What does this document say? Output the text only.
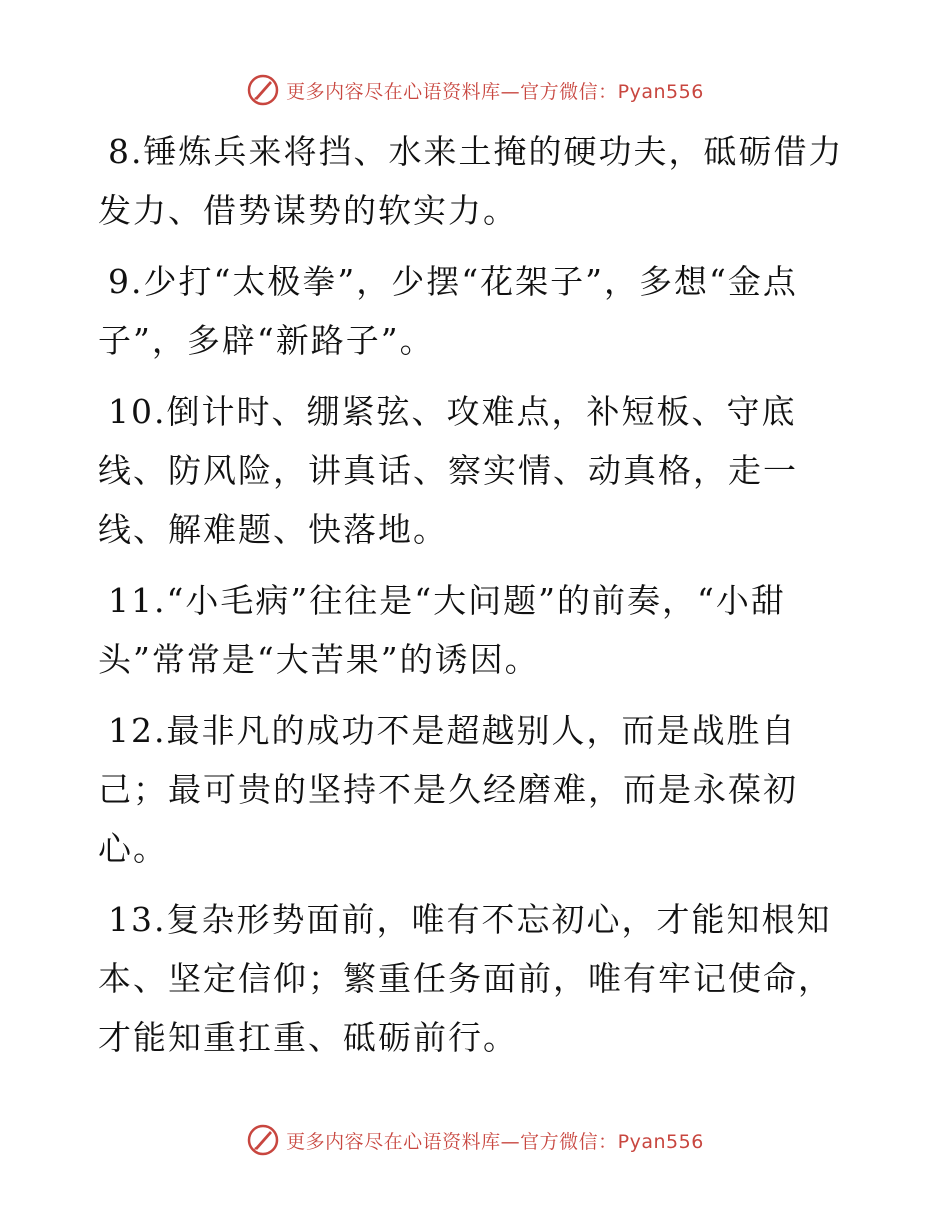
更多内容尽在心语资料库—官方微信：Pyan556

8.锤炼兵来将挡、水来土掩的硬功夫，砥砺借力发力、借势谋势的软实力。

9.少打“太极拳”，少摆“花架子”，多想“金点子”，多辟“新路子”。

10.倒计时、绷紧弦、攻难点，补短板、守底线、防风险，讲真话、察实情、动真格，走一线、解难题、快落地。

11.“小毛病”往往是“大问题”的前奏，“小甜头”常常是“大苦果”的诱因。

12.最非凡的成功不是超越别人，而是战胜自己；最可贵的坚持不是久经磨难，而是永葆初心。

13.复杂形势面前，唯有不忘初心，才能知根知本、坚定信仰；繁重任务面前，唯有牢记使命，才能知重扛重、砥砺前行。

更多内容尽在心语资料库—官方微信：Pyan556
